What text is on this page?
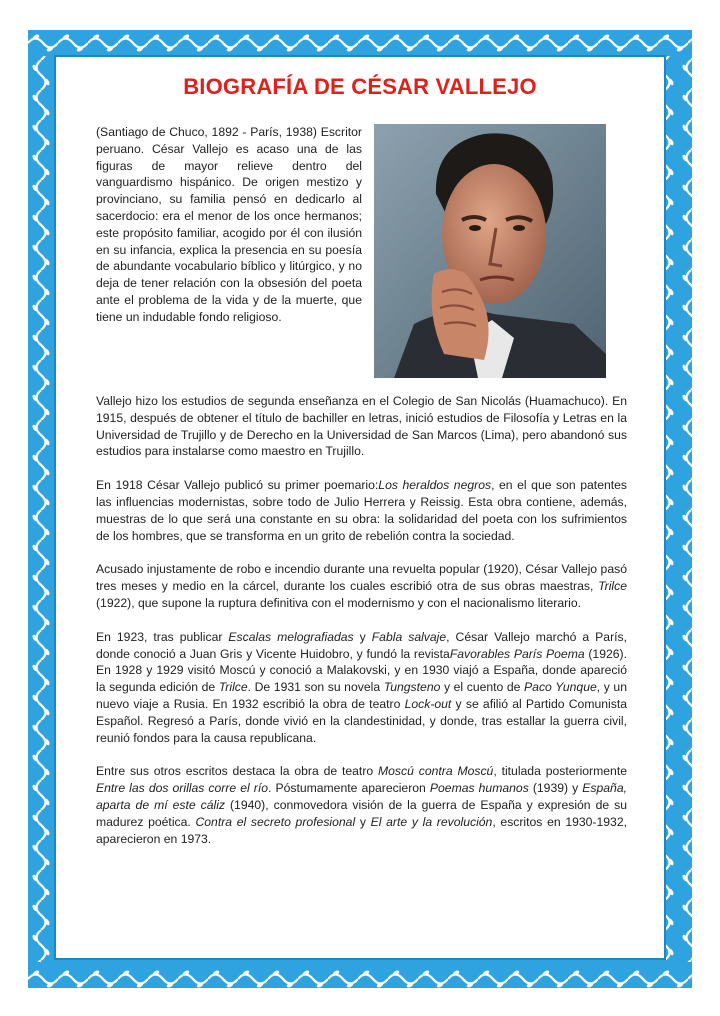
BIOGRAFÍA DE CÉSAR VALLEJO

(Santiago de Chuco, 1892 - París, 1938) Escritor peruano. César Vallejo es acaso una de las figuras de mayor relieve dentro del vanguardismo hispánico. De origen mestizo y provinciano, su familia pensó en dedicarlo al sacerdocio: era el menor de los once hermanos; este propósito familiar, acogido por él con ilusión en su infancia, explica la presencia en su poesía de abundante vocabulario bíblico y litúrgico, y no deja de tener relación con la obsesión del poeta ante el problema de la vida y de la muerte, que tiene un indudable fondo religioso.

Vallejo hizo los estudios de segunda enseñanza en el Colegio de San Nicolás (Huamachuco). En 1915, después de obtener el título de bachiller en letras, inició estudios de Filosofía y Letras en la Universidad de Trujillo y de Derecho en la Universidad de San Marcos (Lima), pero abandonó sus estudios para instalarse como maestro en Trujillo.

En 1918 César Vallejo publicó su primer poemario:Los heraldos negros, en el que son patentes las influencias modernistas, sobre todo de Julio Herrera y Reissig. Esta obra contiene, además, muestras de lo que será una constante en su obra: la solidaridad del poeta con los sufrimientos de los hombres, que se transforma en un grito de rebelión contra la sociedad.

Acusado injustamente de robo e incendio durante una revuelta popular (1920), César Vallejo pasó tres meses y medio en la cárcel, durante los cuales escribió otra de sus obras maestras, Trilce (1922), que supone la ruptura definitiva con el modernismo y con el nacionalismo literario.

En 1923, tras publicar Escalas melografiadas y Fabla salvaje, César Vallejo marchó a París, donde conoció a Juan Gris y Vicente Huidobro, y fundó la revistaFavorables París Poema (1926). En 1928 y 1929 visitó Moscú y conoció a Malakovski, y en 1930 viajó a España, donde apareció la segunda edición de Trilce. De 1931 son su novela Tungsteno y el cuento de Paco Yunque, y un nuevo viaje a Rusia. En 1932 escribió la obra de teatro Lock-out y se afilió al Partido Comunista Español. Regresó a París, donde vivió en la clandestinidad, y donde, tras estallar la guerra civil, reunió fondos para la causa republicana.

Entre sus otros escritos destaca la obra de teatro Moscú contra Moscú, titulada posteriormente Entre las dos orillas corre el río. Póstumamente aparecieron Poemas humanos (1939) y España, aparta de mí este cáliz (1940), conmovedora visión de la guerra de España y expresión de su madurez poética. Contra el secreto profesional y El arte y la revolución, escritos en 1930-1932, aparecieron en 1973.
